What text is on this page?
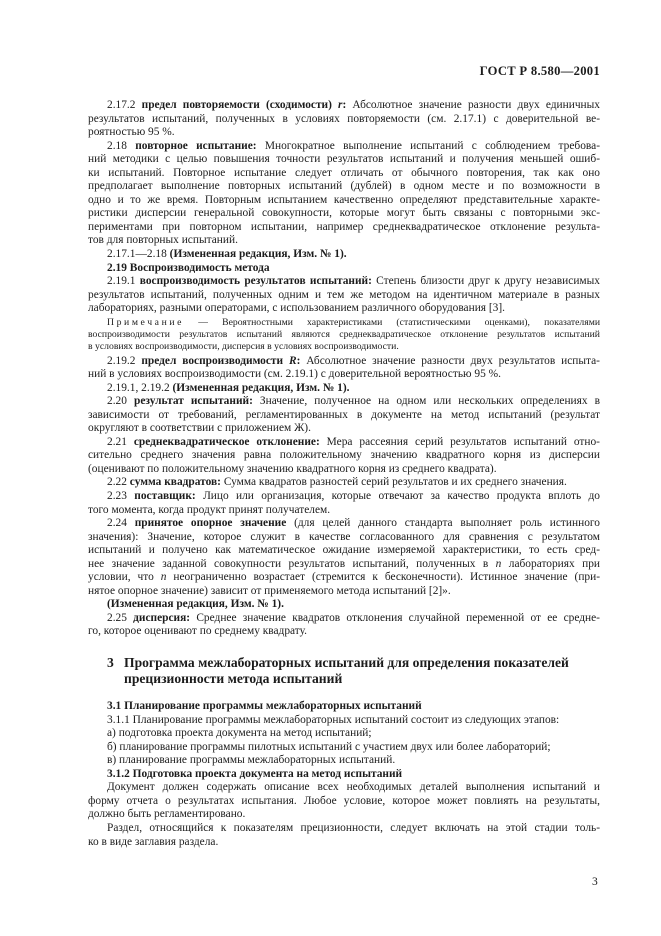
ГОСТ Р 8.580—2001
2.17.2 предел повторяемости (сходимости) r: Абсолютное значение разности двух единичных
результатов испытаний, полученных в условиях повторяемости (см. 2.17.1) с доверительной ве-
роятностью 95 %.
2.18 повторное испытание: Многократное выполнение испытаний с соблюдением требова-
ний методики с целью повышения точности результатов испытаний и получения меньшей ошиб-
ки испытаний. Повторное испытание следует отличать от обычного повторения, так как оно
предполагает выполнение повторных испытаний (дублей) в одном месте и по возможности в
одно и то же время. Повторным испытанием качественно определяют представительные характе-
ристики дисперсии генеральной совокупности, которые могут быть связаны с повторными экс-
периментами при повторном испытании, например среднеквадратическое отклонение результа-
тов для повторных испытаний.
2.17.1—2.18 (Измененная редакция, Изм. № 1).
2.19 Воспроизводимость метода
2.19.1 воспроизводимость результатов испытаний: Степень близости друг к другу независимых
результатов испытаний, полученных одним и тем же методом на идентичном материале в разных
лабораториях, разными операторами, с использованием различного оборудования [3].
Примечание — Вероятностными характеристиками (статистическими оценками), показателями
воспроизводимости результатов испытаний являются среднеквадратическое отклонение результатов испытаний
в условиях воспроизводимости, дисперсия в условиях воспроизводимости.
2.19.2 предел воспроизводимости R: Абсолютное значение разности двух результатов испыта-
ний в условиях воспроизводимости (см. 2.19.1) с доверительной вероятностью 95 %.
2.19.1, 2.19.2 (Измененная редакция, Изм. № 1).
2.20 результат испытаний: Значение, полученное на одном или нескольких определениях в
зависимости от требований, регламентированных в документе на метод испытаний (результат
округляют в соответствии с приложением Ж).
2.21 среднеквадратическое отклонение: Мера рассеяния серий результатов испытаний отно-
сительно среднего значения равна положительному значению квадратного корня из дисперсии
(оценивают по положительному значению квадратного корня из среднего квадрата).
2.22 сумма квадратов: Сумма квадратов разностей серий результатов и их среднего значения.
2.23 поставщик: Лицо или организация, которые отвечают за качество продукта вплоть до
того момента, когда продукт принят получателем.
2.24 принятое опорное значение (для целей данного стандарта выполняет роль истинного
значения): Значение, которое служит в качестве согласованного для сравнения с результатом
испытаний и получено как математическое ожидание измеряемой характеристики, то есть сред-
нее значение заданной совокупности результатов испытаний, полученных в n лабораториях при
условии, что n неограниченно возрастает (стремится к бесконечности). Истинное значение (при-
нятое опорное значение) зависит от применяемого метода испытаний [2]».
(Измененная редакция, Изм. № 1).
2.25 дисперсия: Среднее значение квадратов отклонения случайной переменной от ее средне-
го, которое оценивают по среднему квадрату.
3 Программа межлабораторных испытаний для определения показателей
прецизионности метода испытаний
3.1 Планирование программы межлабораторных испытаний
3.1.1 Планирование программы межлабораторных испытаний состоит из следующих этапов:
а) подготовка проекта документа на метод испытаний;
б) планирование программы пилотных испытаний с участием двух или более лабораторий;
в) планирование программы межлабораторных испытаний.
3.1.2 Подготовка проекта документа на метод испытаний
Документ должен содержать описание всех необходимых деталей выполнения испытаний и
форму отчета о результатах испытания. Любое условие, которое может повлиять на результаты,
должно быть регламентировано.
Раздел, относящийся к показателям прецизионности, следует включать на этой стадии толь-
ко в виде заглавия раздела.
3
